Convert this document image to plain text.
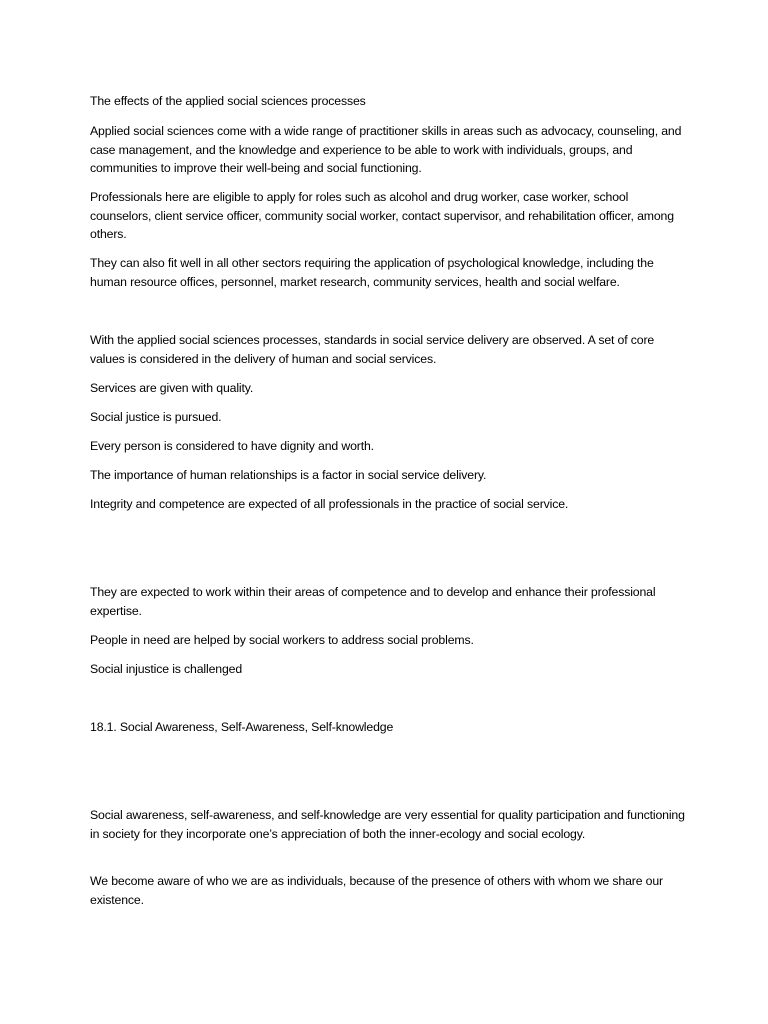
The effects of the applied social sciences processes

Applied social sciences come with a wide range of practitioner skills in areas such as advocacy, counseling, and case management, and the knowledge and experience to be able to work with individuals, groups, and communities to improve their well-being and social functioning.

Professionals here are eligible to apply for roles such as alcohol and drug worker, case worker, school counselors, client service officer, community social worker, contact supervisor, and rehabilitation officer, among others.

They can also fit well in all other sectors requiring the application of psychological knowledge, including the human resource offices, personnel, market research, community services, health and social welfare.

With the applied social sciences processes, standards in social service delivery are observed. A set of core values is considered in the delivery of human and social services.

Services are given with quality.

Social justice is pursued.

Every person is considered to have dignity and worth.

The importance of human relationships is a factor in social service delivery.

Integrity and competence are expected of all professionals in the practice of social service.

They are expected to work within their areas of competence and to develop and enhance their professional expertise.

People in need are helped by social workers to address social problems.

Social injustice is challenged

18.1. Social Awareness, Self-Awareness, Self-knowledge

Social awareness, self-awareness, and self-knowledge are very essential for quality participation and functioning in society for they incorporate one’s appreciation of both the inner-ecology and social ecology.

We become aware of who we are as individuals, because of the presence of others with whom we share our existence.
